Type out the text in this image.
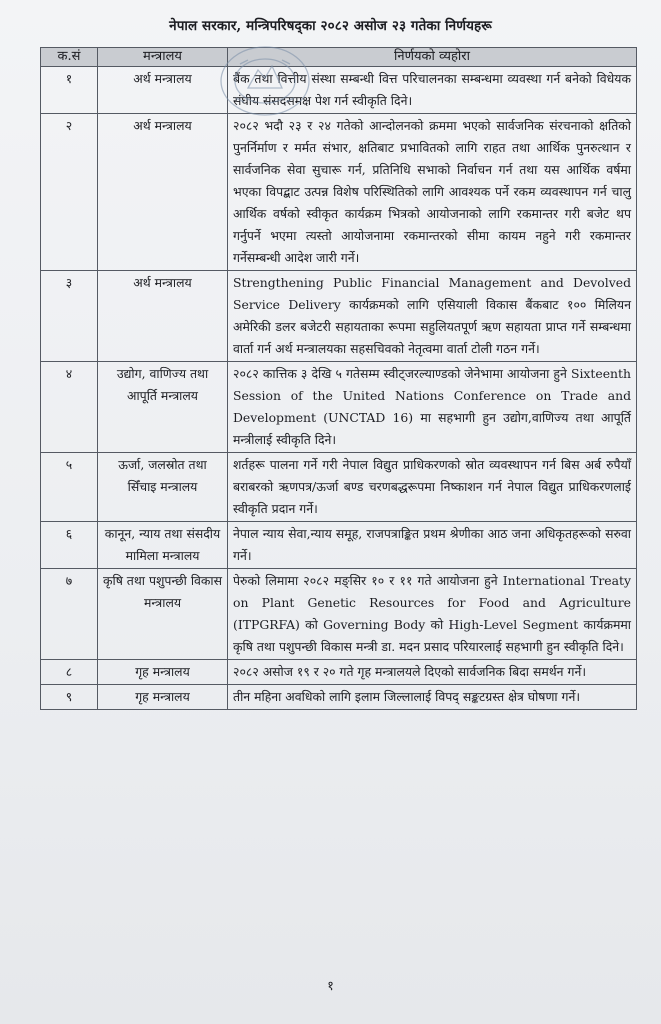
नेपाल सरकार, मन्त्रिपरिषद्का २०८२ असोज २३ गतेका निर्णयहरू
क.सं	मन्त्रालय	निर्णयको व्यहोरा
१	अर्थ मन्त्रालय	बैंक तथा वित्तीय संस्था सम्बन्धी वित्त परिचालनका सम्बन्धमा व्यवस्था गर्न बनेको विधेयक संघीय संसदसमक्ष पेश गर्न स्वीकृति दिने।
२	अर्थ मन्त्रालय	२०८२ भदौ २३ र २४ गतेको आन्दोलनको क्रममा भएको सार्वजनिक संरचनाको क्षतिको पुनर्निर्माण र मर्मत संभार, क्षतिबाट प्रभावितको लागि राहत तथा आर्थिक पुनरुत्थान र सार्वजनिक सेवा सुचारू गर्न, प्रतिनिधि सभाको निर्वाचन गर्न तथा यस आर्थिक वर्षमा भएका विपद्बाट उत्पन्न विशेष परिस्थितिको लागि आवश्यक पर्ने रकम व्यवस्थापन गर्न चालु आर्थिक वर्षको स्वीकृत कार्यक्रम भित्रको आयोजनाको लागि रकमान्तर गरी बजेट थप गर्नुपर्ने भएमा त्यस्तो आयोजनामा रकमान्तरको सीमा कायम नहुने गरी रकमान्तर गर्नेसम्बन्धी आदेश जारी गर्ने।
३	अर्थ मन्त्रालय	Strengthening Public Financial Management and Devolved Service Delivery कार्यक्रमको लागि एसियाली विकास बैंकबाट १०० मिलियन अमेरिकी डलर बजेटरी सहायताका रूपमा सहुलियतपूर्ण ऋण सहायता प्राप्त गर्ने सम्बन्धमा वार्ता गर्न अर्थ मन्त्रालयका सहसचिवको नेतृत्वमा वार्ता टोली गठन गर्ने।
४	उद्योग, वाणिज्य तथा आपूर्ति मन्त्रालय	२०८२ कात्तिक ३ देखि ५ गतेसम्म स्वीट्जरल्याण्डको जेनेभामा आयोजना हुने Sixteenth Session of the United Nations Conference on Trade and Development (UNCTAD 16) मा सहभागी हुन उद्योग,वाणिज्य तथा आपूर्ति मन्त्रीलाई स्वीकृति दिने।
५	ऊर्जा, जलस्रोत तथा सिँचाइ मन्त्रालय	शर्तहरू पालना गर्ने गरी नेपाल विद्युत प्राधिकरणको स्रोत व्यवस्थापन गर्न बिस अर्ब रुपैयाँ बराबरको ऋणपत्र/ऊर्जा बण्ड चरणबद्धरूपमा निष्काशन गर्न नेपाल विद्युत प्राधिकरणलाई स्वीकृति प्रदान गर्ने।
६	कानून, न्याय तथा संसदीय मामिला मन्त्रालय	नेपाल न्याय सेवा,न्याय समूह, राजपत्राङ्कित प्रथम श्रेणीका आठ जना अधिकृतहरूको सरुवा गर्ने।
७	कृषि तथा पशुपन्छी विकास मन्त्रालय	पेरुको लिमामा २०८२ मङ्सिर १० र ११ गते आयोजना हुने International Treaty on Plant Genetic Resources for Food and Agriculture (ITPGRFA) को Governing Body को High-Level Segment कार्यक्रममा कृषि तथा पशुपन्छी विकास मन्त्री डा. मदन प्रसाद परियारलाई सहभागी हुन स्वीकृति दिने।
८	गृह मन्त्रालय	२०८२ असोज १९ र २० गते गृह मन्त्रालयले दिएको सार्वजनिक बिदा समर्थन गर्ने।
९	गृह मन्त्रालय	तीन महिना अवधिको लागि इलाम जिल्लालाई विपद् सङ्कटग्रस्त क्षेत्र घोषणा गर्ने।
१
